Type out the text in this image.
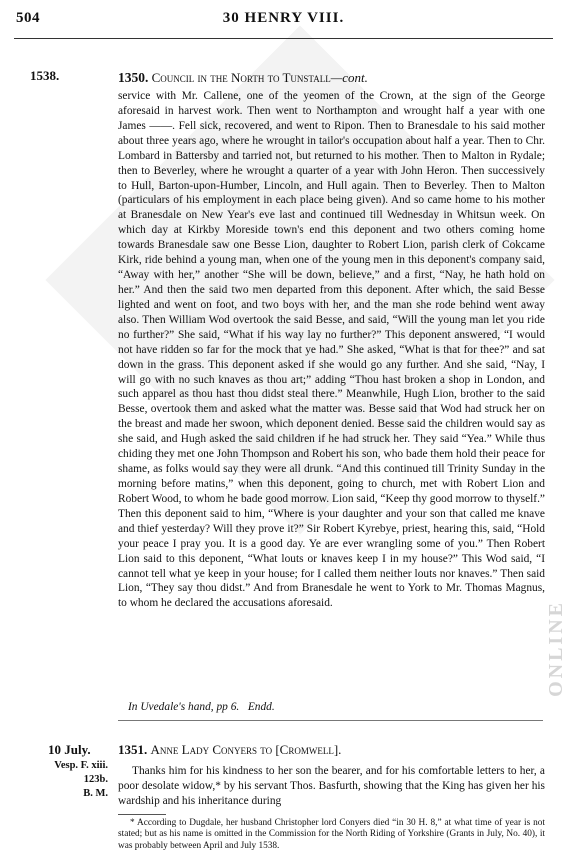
ONLINE
504	30 HENRY VIII.
1538.	1350. Council in the North to Tunstall—cont.

service with Mr. Callene, one of the yeomen of the Crown, at the sign of the George aforesaid in harvest work. Then went to Northampton and wrought half a year with one James ——. Fell sick, recovered, and went to Ripon. Then to Branesdale to his said mother about three years ago, where he wrought in tailor's occupation about half a year. Then to Chr. Lombard in Battersby and tarried not, but returned to his mother. Then to Malton in Rydale; then to Beverley, where he wrought a quarter of a year with John Heron. Then successively to Hull, Barton-upon-Humber, Lincoln, and Hull again. Then to Beverley. Then to Malton (particulars of his employment in each place being given). And so came home to his mother at Branesdale on New Year's eve last and continued till Wednesday in Whitsun week. On which day at Kirkby Moreside town's end this deponent and two others coming home towards Branesdale saw one Besse Lion, daughter to Robert Lion, parish clerk of Cokcame Kirk, ride behind a young man, when one of the young men in this deponent's company said, “Away with her,” another “She will be down, believe,” and a first, “Nay, he hath hold on her.” And then the said two men departed from this deponent. After which, the said Besse lighted and went on foot, and two boys with her, and the man she rode behind went away also. Then William Wod overtook the said Besse, and said, “Will the young man let you ride no further?” She said, “What if his way lay no further?” This deponent answered, “I would not have ridden so far for the mock that ye had.” She asked, “What is that for thee?” and sat down in the grass. This deponent asked if she would go any further. And she said, “Nay, I will go with no such knaves as thou art;” adding “Thou hast broken a shop in London, and such apparel as thou hast thou didst steal there.” Meanwhile, Hugh Lion, brother to the said Besse, overtook them and asked what the matter was. Besse said that Wod had struck her on the breast and made her swoon, which deponent denied. Besse said the children would say as she said, and Hugh asked the said children if he had struck her. They said “Yea.” While thus chiding they met one John Thompson and Robert his son, who bade them hold their peace for shame, as folks would say they were all drunk. “And this continued till Trinity Sunday in the morning before matins,” when this deponent, going to church, met with Robert Lion and Robert Wood, to whom he bade good morrow. Lion said, “Keep thy good morrow to thyself.” Then this deponent said to him, “Where is your daughter and your son that called me knave and thief yesterday? Will they prove it?” Sir Robert Kyrebye, priest, hearing this, said, “Hold your peace I pray you. It is a good day. Ye are ever wrangling some of you.” Then Robert Lion said to this deponent, “What louts or knaves keep I in my house?” This Wod said, “I cannot tell what ye keep in your house; for I called them neither louts nor knaves.” Then said Lion, “They say thou didst.” And from Branesdale he went to York to Mr. Thomas Magnus, to whom he declared the accusations aforesaid.

In Uvedale's hand, pp 6. Endd.
10 July. 1351. Anne Lady Conyers to [Cromwell].
Vesp. F. xiii.
123b.
B. M.

Thanks him for his kindness to her son the bearer, and for his comfortable letters to her, a poor desolate widow,* by his servant Thos. Basfurth, showing that the King has given her his wardship and his inheritance during

* According to Dugdale, her husband Christopher lord Conyers died “in 30 H. 8,” at what time of year is not stated; but as his name is omitted in the Commission for the North Riding of Yorkshire (Grants in July, No. 40), it was probably between April and July 1538.
